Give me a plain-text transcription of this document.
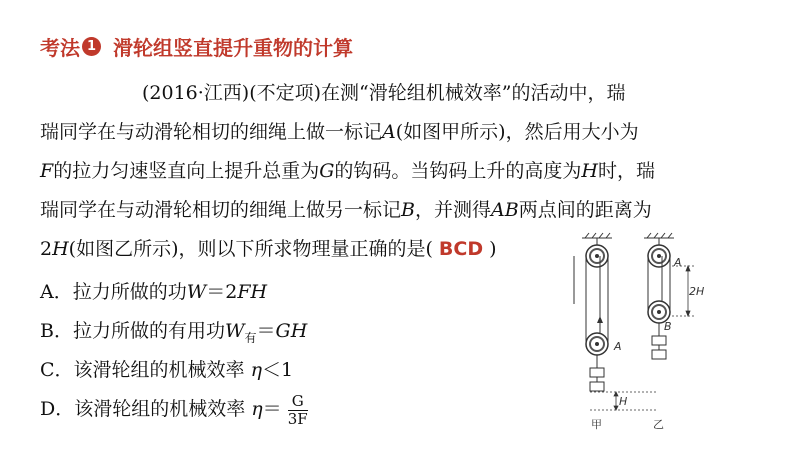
考法 1 滑轮组竖直提升重物的计算

(2016·江西)(不定项)在测“滑轮组机械效率”的活动中，瑞

瑞同学在与动滑轮相切的细绳上做一标记A(如图甲所示)，然后用大小为

F的拉力匀速竖直向上提升总重为G的钩码。当钩码上升的高度为H时，瑞

瑞同学在与动滑轮相切的细绳上做另一标记B，并测得AB两点间的距离为

2H(如图乙所示)，则以下所求物理量正确的是( BCD )

A．拉力所做的功W＝2FH
B．拉力所做的有用功$W_有=GH$
C．该滑轮组的机械效率 η＜1
D．该滑轮组的机械效率 $\eta= \frac{G}{3F}$
A
A
B
2H
H
甲	乙
